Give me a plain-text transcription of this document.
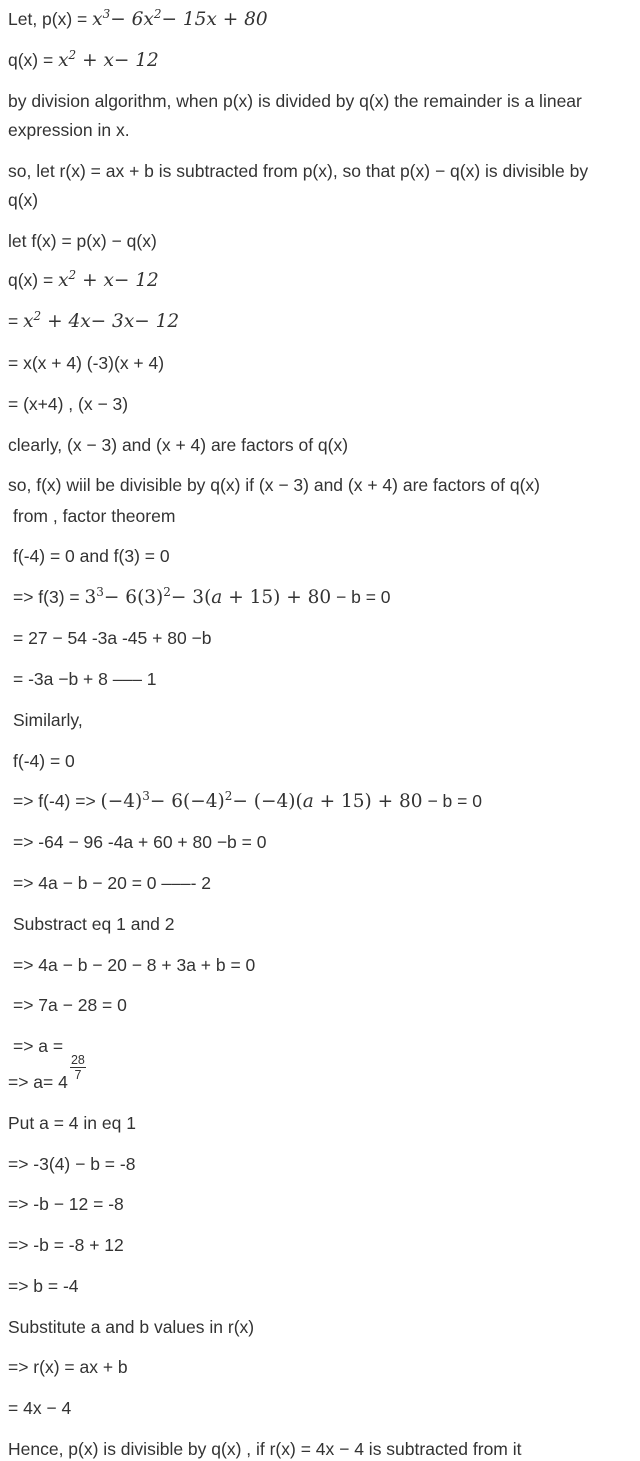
Let, $p(x) = x^3- 6x^2- 15x + 80$
$q(x) = x^2 + x- 12$
by division algorithm, when p(x) is divided by q(x) the remainder is a linear
expression in x.
so, let r(x) = ax + b is subtracted from p(x), so that p(x) − q(x) is divisible by
q(x)
let f(x) = p(x) − q(x)
$q(x) = x^2 + x- 12$
= $x^2 + 4x- 3x- 12$
= x(x + 4) (-3)(x + 4)
= (x+4) , (x − 3)
clearly, (x − 3) and (x + 4) are factors of q(x)
so, f(x) wiil be divisible by q(x) if (x − 3) and (x + 4) are factors of q(x)
from , factor theorem
f(-4) = 0 and f(3) = 0
=> $f(3) = 3^3- 6(3)^2- 3(a + 15) + 80 - b = 0$
= 27 − 54 -3a -45 + 80 −b
= -3a −b + 8 ––– 1
Similarly,
f(-4) = 0
=> $f(-4) => (-4)^3- 6(-4)^2- (-4)(a + 15) + 80 - b = 0$
=> -64 − 96 -4a + 60 + 80 −b = 0
=> 4a − b − 20 = 0 –––- 2
Substract eq 1 and 2
=> 4a − b − 20 − 8 + 3a + b = 0
=> 7a − 28 = 0
=> a =
$\frac{28}{7}$
=> a= 4
Put a = 4 in eq 1
=> -3(4) − b = -8
=> -b − 12 = -8
=> -b = -8 + 12
=> b = -4
Substitute a and b values in r(x)
=> r(x) = ax + b
= 4x − 4
Hence, p(x) is divisible by q(x) , if r(x) = 4x − 4 is subtracted from it
